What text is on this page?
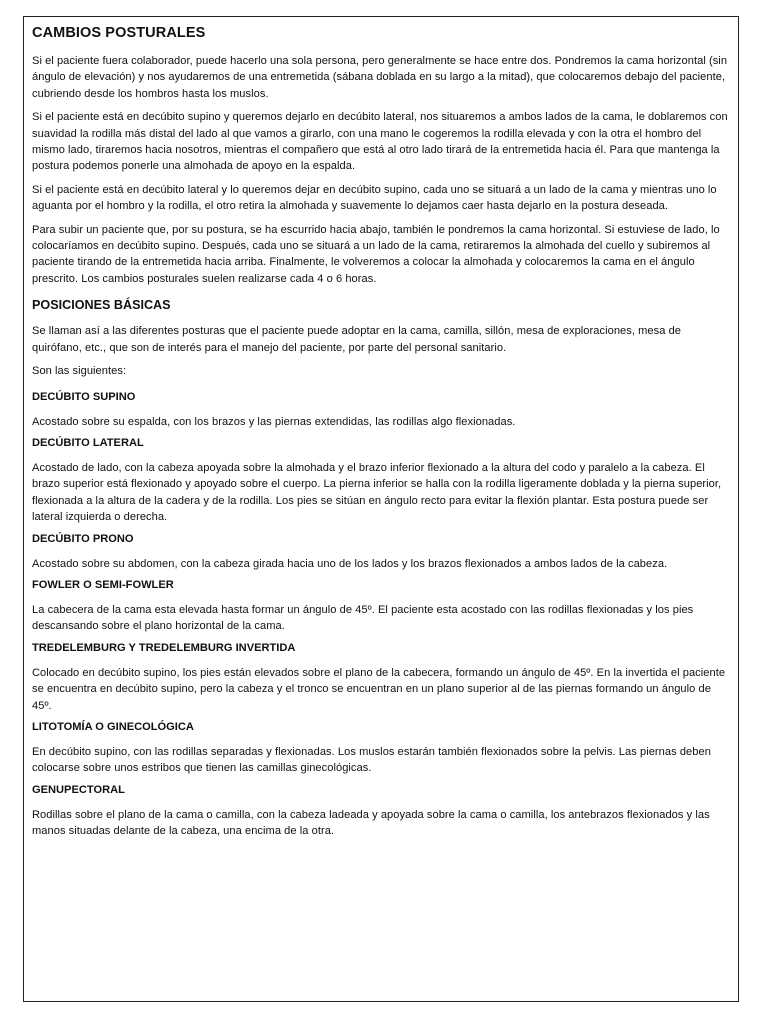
CAMBIOS POSTURALES

Si el paciente fuera colaborador, puede hacerlo una sola persona, pero generalmente se hace entre dos. Pondremos la cama horizontal (sin ángulo de elevación) y nos ayudaremos de una entremetida (sábana doblada en su largo a la mitad), que colocaremos debajo del paciente, cubriendo desde los hombros hasta los muslos.

Si el paciente está en decúbito supino y queremos dejarlo en decúbito lateral, nos situaremos a ambos lados de la cama, le doblaremos con suavidad la rodilla más distal del lado al que vamos a girarlo, con una mano le cogeremos la rodilla elevada y con la otra el hombro del mismo lado, tiraremos hacia nosotros, mientras el compañero que está al otro lado tirará de la entremetida hacia él. Para que mantenga la postura podemos ponerle una almohada de apoyo en la espalda.

Si el paciente está en decúbito lateral y lo queremos dejar en decúbito supino, cada uno se situará a un lado de la cama y mientras uno lo aguanta por el hombro y la rodilla, el otro retira la almohada y suavemente lo dejamos caer hasta dejarlo en la postura deseada.

Para subir un paciente que, por su postura, se ha escurrido hacia abajo, también le pondremos la cama horizontal. Si estuviese de lado, lo colocaríamos en decúbito supino. Después, cada uno se situará a un lado de la cama, retiraremos la almohada del cuello y subiremos al paciente tirando de la entremetida hacia arriba. Finalmente, le volveremos a colocar la almohada y colocaremos la cama en el ángulo prescrito. Los cambios posturales suelen realizarse cada 4 o 6 horas.

POSICIONES BÁSICAS

Se llaman así a las diferentes posturas que el paciente puede adoptar en la cama, camilla, sillón, mesa de exploraciones, mesa de quirófano, etc., que son de interés para el manejo del paciente, por parte del personal sanitario.

Son las siguientes:

DECÚBITO SUPINO

Acostado sobre su espalda, con los brazos y las piernas extendidas, las rodillas algo flexionadas.

DECÚBITO LATERAL

Acostado de lado, con la cabeza apoyada sobre la almohada y el brazo inferior flexionado a la altura del codo y paralelo a la cabeza. El brazo superior está flexionado y apoyado sobre el cuerpo. La pierna inferior se halla con la rodilla ligeramente doblada y la pierna superior, flexionada a la altura de la cadera y de la rodilla. Los pies se sitúan en ángulo recto para evitar la flexión plantar. Esta postura puede ser lateral izquierda o derecha.

DECÚBITO PRONO

Acostado sobre su abdomen, con la cabeza girada hacia uno de los lados y los brazos flexionados a ambos lados de la cabeza.

FOWLER O SEMI-FOWLER

La cabecera de la cama esta elevada hasta formar un ángulo de 45º. El paciente esta acostado con las rodillas flexionadas y los pies descansando sobre el plano horizontal de la cama.

TREDELEMBURG Y TREDELEMBURG INVERTIDA

Colocado en decúbito supino, los pies están elevados sobre el plano de la cabecera, formando un ángulo de 45º. En la invertida el paciente se encuentra en decúbito supino, pero la cabeza y el tronco se encuentran en un plano superior al de las piernas formando un ángulo de 45º.

LITOTOMÍA O GINECOLÓGICA

En decúbito supino, con las rodillas separadas y flexionadas. Los muslos estarán también flexionados sobre la pelvis. Las piernas deben colocarse sobre unos estribos que tienen las camillas ginecológicas.

GENUPECTORAL

Rodillas sobre el plano de la cama o camilla, con la cabeza ladeada y apoyada sobre la cama o camilla, los antebrazos flexionados y las manos situadas delante de la cabeza, una encima de la otra.
